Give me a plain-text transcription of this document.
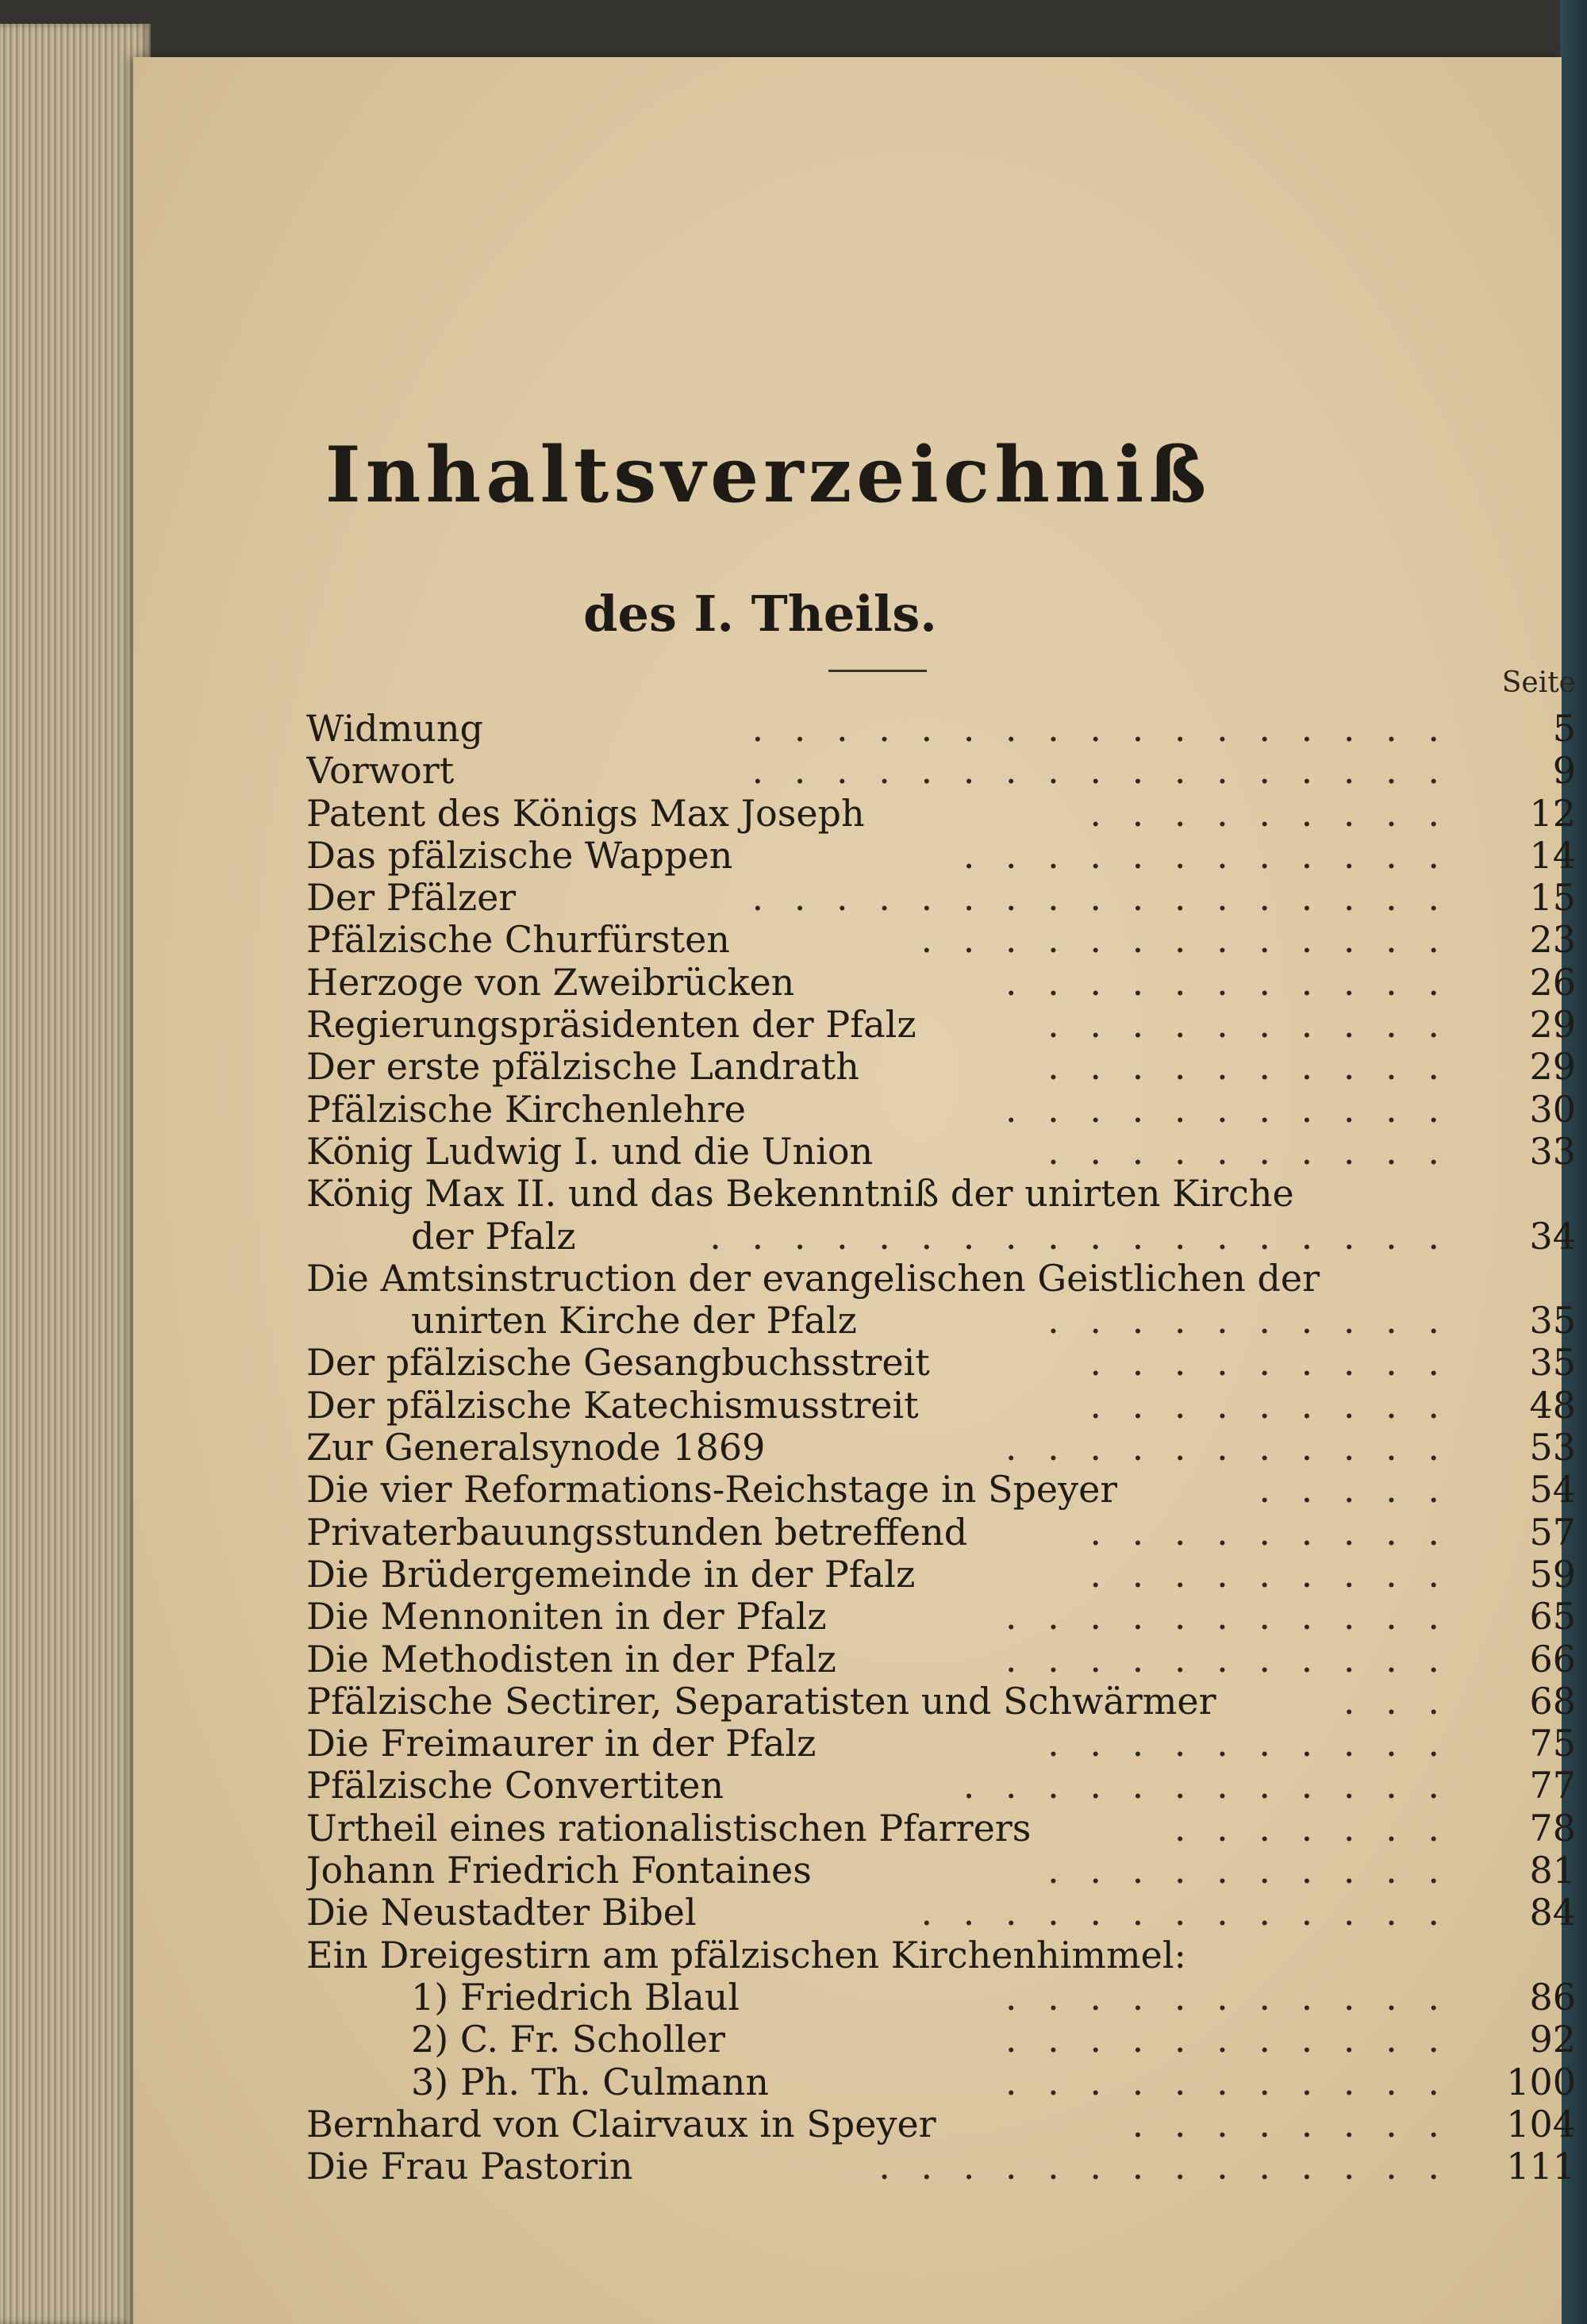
Inhaltsverzeichniß
des I. Theils.
Seite
Widmung	. . . . . . . . . . . . . . . . .	5
Vorwort	. . . . . . . . . . . . . . . . .	9
Patent des Königs Max Joseph	. . . . . . . . .	12
Das pfälzische Wappen	. . . . . . . . . . . .	14
Der Pfälzer	. . . . . . . . . . . . . . . . .	15
Pfälzische Churfürsten	. . . . . . . . . . . . .	23
Herzoge von Zweibrücken	. . . . . . . . . . .	26
Regierungspräsidenten der Pfalz	. . . . . . . . . .	29
Der erste pfälzische Landrath	. . . . . . . . . .	29
Pfälzische Kirchenlehre	. . . . . . . . . . .	30
König Ludwig I. und die Union	. . . . . . . . . .	33
König Max II. und das Bekenntniß der unirten Kirche
der Pfalz	. . . . . . . . . . . . . . . . . .	34
Die Amtsinstruction der evangelischen Geistlichen der
unirten Kirche der Pfalz	. . . . . . . . . .	35
Der pfälzische Gesangbuchsstreit	. . . . . . . . .	35
Der pfälzische Katechismusstreit	. . . . . . . . .	48
Zur Generalsynode 1869	. . . . . . . . . . .	53
Die vier Reformations-Reichstage in Speyer	. . . . .	54
Privaterbauungsstunden betreffend	. . . . . . . . .	57
Die Brüdergemeinde in der Pfalz	. . . . . . . . .	59
Die Mennoniten in der Pfalz	. . . . . . . . . . .	65
Die Methodisten in der Pfalz	. . . . . . . . . . .	66
Pfälzische Sectirer, Separatisten und Schwärmer	. . .	68
Die Freimaurer in der Pfalz	. . . . . . . . . .	75
Pfälzische Convertiten	. . . . . . . . . . . .	77
Urtheil eines rationalistischen Pfarrers	. . . . . . .	78
Johann Friedrich Fontaines	. . . . . . . . . .	81
Die Neustadter Bibel	. . . . . . . . . . . . .	84
Ein Dreigestirn am pfälzischen Kirchenhimmel:
1) Friedrich Blaul	. . . . . . . . . . .	86
2) C. Fr. Scholler	. . . . . . . . . . .	92
3) Ph. Th. Culmann	. . . . . . . . . . .	100
Bernhard von Clairvaux in Speyer	. . . . . . . .	104
Die Frau Pastorin	. . . . . . . . . . . . . .	111
